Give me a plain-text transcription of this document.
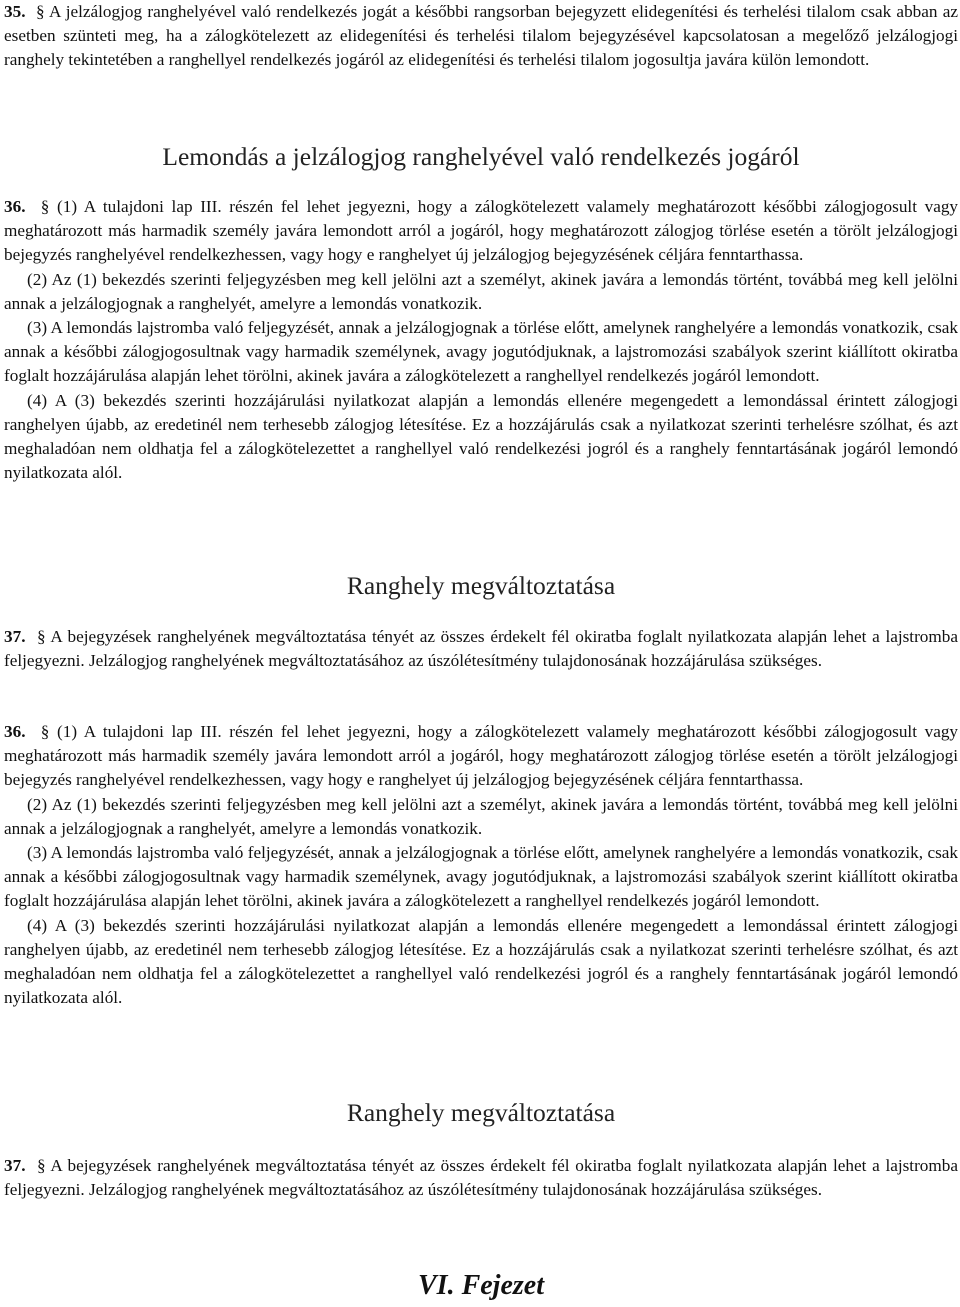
35. § A jelzálogjog ranghelyével való rendelkezés jogát a későbbi rangsorban bejegyzett elidegenítési és terhelési tilalom csak abban az esetben szünteti meg, ha a zálogkötelezett az elidegenítési és terhelési tilalom bejegyzésével kapcsolatosan a megelőző jelzálogjogi ranghely tekintetében a ranghellyel rendelkezés jogáról az elidegenítési és terhelési tilalom jogosultja javára külön lemondott.

Lemondás a jelzálogjog ranghelyével való rendelkezés jogáról

36. § (1) A tulajdoni lap III. részén fel lehet jegyezni, hogy a zálogkötelezett valamely meghatározott későbbi zálogjogosult vagy meghatározott más harmadik személy javára lemondott arról a jogáról, hogy meghatározott zálogjog törlése esetén a törölt jelzálogjogi bejegyzés ranghelyével rendelkezhessen, vagy hogy e ranghelyet új jelzálogjog bejegyzésének céljára fenntarthassa.

(2) Az (1) bekezdés szerinti feljegyzésben meg kell jelölni azt a személyt, akinek javára a lemondás történt, továbbá meg kell jelölni annak a jelzálogjognak a ranghelyét, amelyre a lemondás vonatkozik.

(3) A lemondás lajstromba való feljegyzését, annak a jelzálogjognak a törlése előtt, amelynek ranghelyére a lemondás vonatkozik, csak annak a későbbi zálogjogosultnak vagy harmadik személynek, avagy jogutódjuknak, a lajstromozási szabályok szerint kiállított okiratba foglalt hozzájárulása alapján lehet törölni, akinek javára a zálogkötelezett a ranghellyel rendelkezés jogáról lemondott.

(4) A (3) bekezdés szerinti hozzájárulási nyilatkozat alapján a lemondás ellenére megengedett a lemondással érintett zálogjogi ranghelyen újabb, az eredetinél nem terhesebb zálogjog létesítése. Ez a hozzájárulás csak a nyilatkozat szerinti terhelésre szólhat, és azt meghaladóan nem oldhatja fel a zálogkötelezettet a ranghellyel való rendelkezési jogról és a ranghely fenntartásának jogáról lemondó nyilatkozata alól.

Ranghely megváltoztatása

37. § A bejegyzések ranghelyének megváltoztatása tényét az összes érdekelt fél okiratba foglalt nyilatkozata alapján lehet a lajstromba feljegyezni. Jelzálogjog ranghelyének megváltoztatásához az úszólétesítmény tulajdonosának hozzájárulása szükséges.

36. § (1) A tulajdoni lap III. részén fel lehet jegyezni, hogy a zálogkötelezett valamely meghatározott későbbi zálogjogosult vagy meghatározott más harmadik személy javára lemondott arról a jogáról, hogy meghatározott zálogjog törlése esetén a törölt jelzálogjogi bejegyzés ranghelyével rendelkezhessen, vagy hogy e ranghelyet új jelzálogjog bejegyzésének céljára fenntarthassa.

(2) Az (1) bekezdés szerinti feljegyzésben meg kell jelölni azt a személyt, akinek javára a lemondás történt, továbbá meg kell jelölni annak a jelzálogjognak a ranghelyét, amelyre a lemondás vonatkozik.

(3) A lemondás lajstromba való feljegyzését, annak a jelzálogjognak a törlése előtt, amelynek ranghelyére a lemondás vonatkozik, csak annak a későbbi zálogjogosultnak vagy harmadik személynek, avagy jogutódjuknak, a lajstromozási szabályok szerint kiállított okiratba foglalt hozzájárulása alapján lehet törölni, akinek javára a zálogkötelezett a ranghellyel rendelkezés jogáról lemondott.

(4) A (3) bekezdés szerinti hozzájárulási nyilatkozat alapján a lemondás ellenére megengedett a lemondással érintett zálogjogi ranghelyen újabb, az eredetinél nem terhesebb zálogjog létesítése. Ez a hozzájárulás csak a nyilatkozat szerinti terhelésre szólhat, és azt meghaladóan nem oldhatja fel a zálogkötelezettet a ranghellyel való rendelkezési jogról és a ranghely fenntartásának jogáról lemondó nyilatkozata alól.

Ranghely megváltoztatása

37. § A bejegyzések ranghelyének megváltoztatása tényét az összes érdekelt fél okiratba foglalt nyilatkozata alapján lehet a lajstromba feljegyezni. Jelzálogjog ranghelyének megváltoztatásához az úszólétesítmény tulajdonosának hozzájárulása szükséges.

VI. Fejezet
